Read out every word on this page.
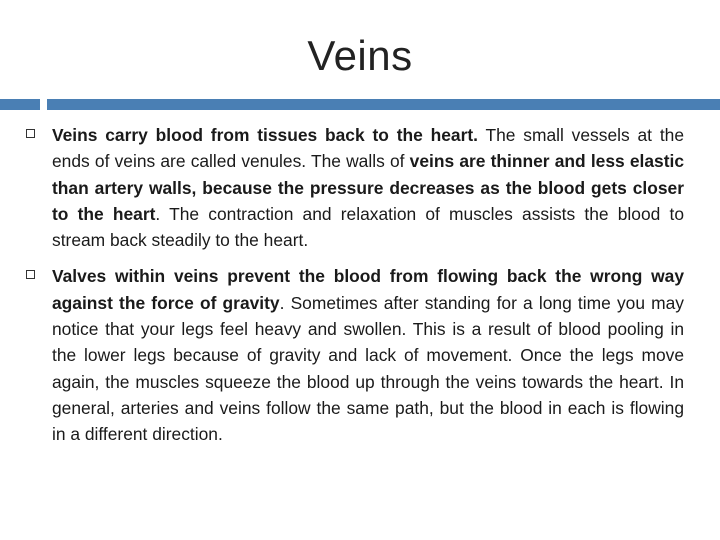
Veins
Veins carry blood from tissues back to the heart. The small vessels at the ends of veins are called venules. The walls of veins are thinner and less elastic than artery walls, because the pressure decreases as the blood gets closer to the heart. The contraction and relaxation of muscles assists the blood to stream back steadily to the heart.
Valves within veins prevent the blood from flowing back the wrong way against the force of gravity. Sometimes after standing for a long time you may notice that your legs feel heavy and swollen. This is a result of blood pooling in the lower legs because of gravity and lack of movement. Once the legs move again, the muscles squeeze the blood up through the veins towards the heart. In general, arteries and veins follow the same path, but the blood in each is flowing in a different direction.
